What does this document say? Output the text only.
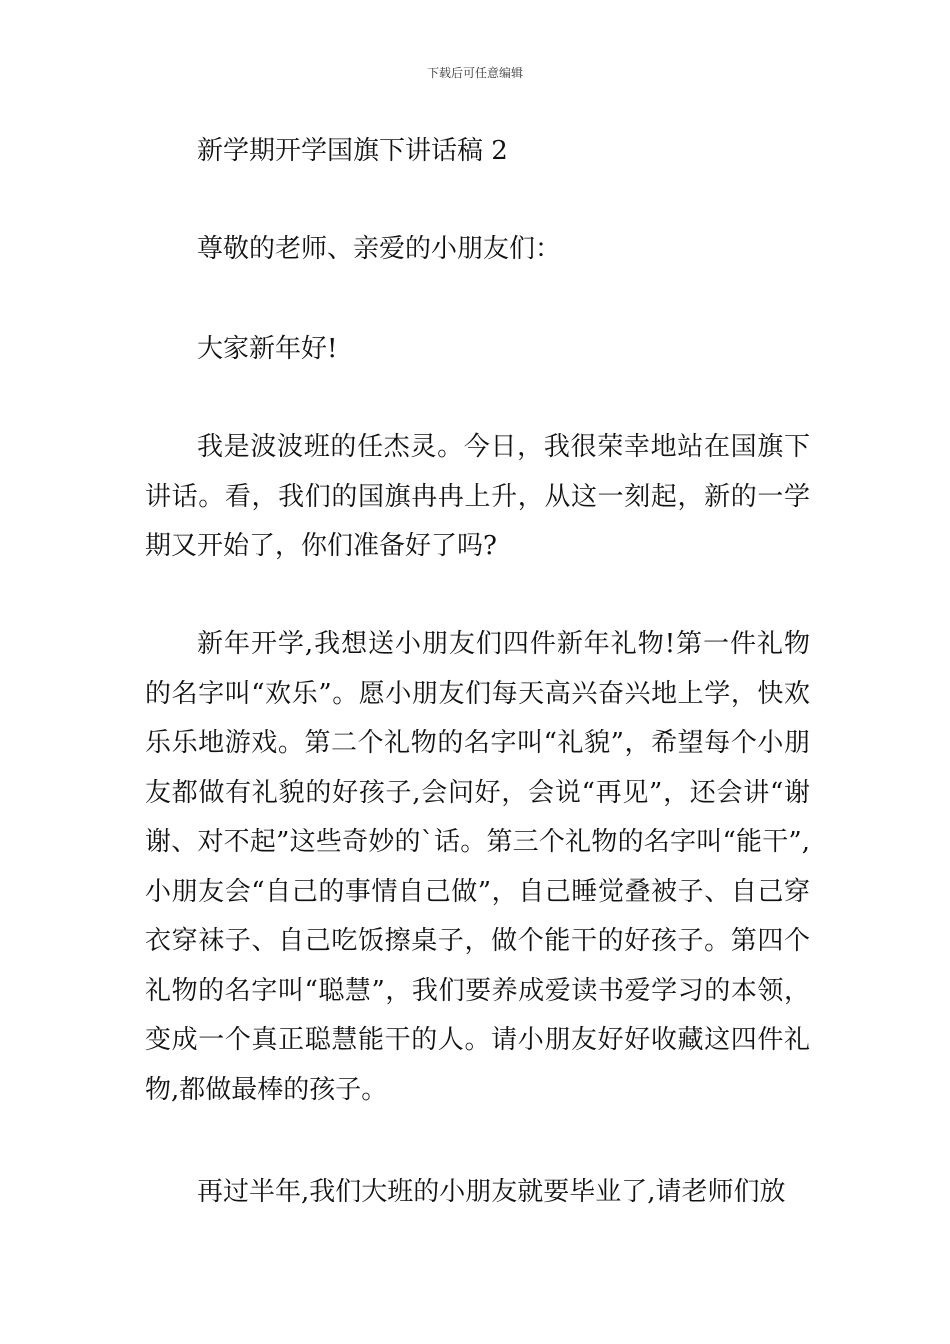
下载后可任意编辑

新学期开学国旗下讲话稿 2

尊敬的老师、亲爱的小朋友们：

大家新年好!

我是波波班的任杰灵。今日，我很荣幸地站在国旗下讲话。看，我们的国旗冉冉上升，从这一刻起，新的一学期又开始了，你们准备好了吗?

新年开学,我想送小朋友们四件新年礼物!第一件礼物的名字叫“欢乐”。愿小朋友们每天高兴奋兴地上学，快欢乐乐地游戏。第二个礼物的名字叫“礼貌”，希望每个小朋友都做有礼貌的好孩子,会问好，会说“再见”，还会讲“谢谢、对不起”这些奇妙的`话。第三个礼物的名字叫“能干”,小朋友会“自己的事情自己做”，自己睡觉叠被子、自己穿衣穿袜子、自己吃饭擦桌子，做个能干的好孩子。第四个礼物的名字叫“聪慧”，我们要养成爱读书爱学习的本领，变成一个真正聪慧能干的人。请小朋友好好收藏这四件礼物,都做最棒的孩子。

再过半年,我们大班的小朋友就要毕业了,请老师们放
